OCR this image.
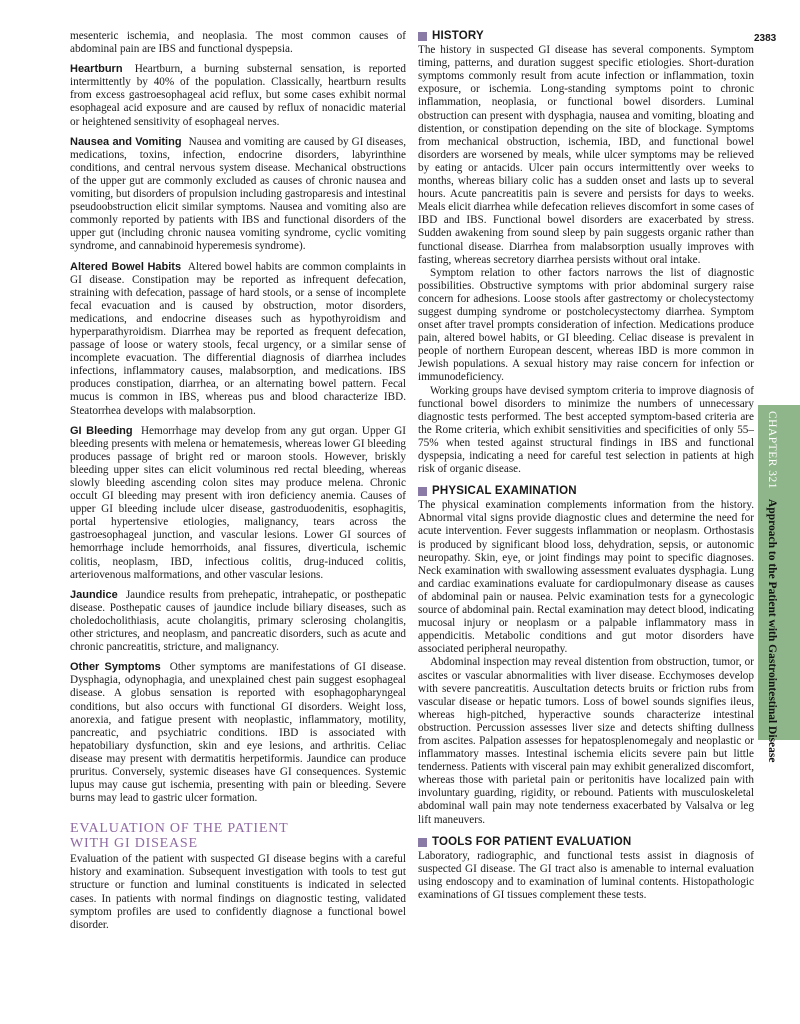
2383
CHAPTER 321
Approach to the Patient with Gastrointestinal Disease

mesenteric ischemia, and neoplasia. The most common causes of abdominal pain are IBS and functional dyspepsia.

Heartburn Heartburn, a burning substernal sensation, is reported intermittently by 40% of the population. Classically, heartburn results from excess gastroesophageal acid reflux, but some cases exhibit normal esophageal acid exposure and are caused by reflux of nonacidic material or heightened sensitivity of esophageal nerves.

Nausea and Vomiting Nausea and vomiting are caused by GI diseases, medications, toxins, infection, endocrine disorders, labyrinthine conditions, and central nervous system disease. Mechanical obstructions of the upper gut are commonly excluded as causes of chronic nausea and vomiting, but disorders of propulsion including gastroparesis and intestinal pseudoobstruction elicit similar symptoms. Nausea and vomiting also are commonly reported by patients with IBS and functional disorders of the upper gut (including chronic nausea vomiting syndrome, cyclic vomiting syndrome, and cannabinoid hyperemesis syndrome).

Altered Bowel Habits Altered bowel habits are common complaints in GI disease. Constipation may be reported as infrequent defecation, straining with defecation, passage of hard stools, or a sense of incomplete fecal evacuation and is caused by obstruction, motor disorders, medications, and endocrine diseases such as hypothyroidism and hyperparathyroidism. Diarrhea may be reported as frequent defecation, passage of loose or watery stools, fecal urgency, or a similar sense of incomplete evacuation. The differential diagnosis of diarrhea includes infections, inflammatory causes, malabsorption, and medications. IBS produces constipation, diarrhea, or an alternating bowel pattern. Fecal mucus is common in IBS, whereas pus and blood characterize IBD. Steatorrhea develops with malabsorption.

GI Bleeding Hemorrhage may develop from any gut organ. Upper GI bleeding presents with melena or hematemesis, whereas lower GI bleeding produces passage of bright red or maroon stools. However, briskly bleeding upper sites can elicit voluminous red rectal bleeding, whereas slowly bleeding ascending colon sites may produce melena. Chronic occult GI bleeding may present with iron deficiency anemia. Causes of upper GI bleeding include ulcer disease, gastroduodenitis, esophagitis, portal hypertensive etiologies, malignancy, tears across the gastroesophageal junction, and vascular lesions. Lower GI sources of hemorrhage include hemorrhoids, anal fissures, diverticula, ischemic colitis, neoplasm, IBD, infectious colitis, drug-induced colitis, arteriovenous malformations, and other vascular lesions.

Jaundice Jaundice results from prehepatic, intrahepatic, or posthepatic disease. Posthepatic causes of jaundice include biliary diseases, such as choledocholithiasis, acute cholangitis, primary sclerosing cholangitis, other strictures, and neoplasm, and pancreatic disorders, such as acute and chronic pancreatitis, stricture, and malignancy.

Other Symptoms Other symptoms are manifestations of GI disease. Dysphagia, odynophagia, and unexplained chest pain suggest esophageal disease. A globus sensation is reported with esophagopharyngeal conditions, but also occurs with functional GI disorders. Weight loss, anorexia, and fatigue present with neoplastic, inflammatory, motility, pancreatic, and psychiatric conditions. IBD is associated with hepatobiliary dysfunction, skin and eye lesions, and arthritis. Celiac disease may present with dermatitis herpetiformis. Jaundice can produce pruritus. Conversely, systemic diseases have GI consequences. Systemic lupus may cause gut ischemia, presenting with pain or bleeding. Severe burns may lead to gastric ulcer formation.

EVALUATION OF THE PATIENT
WITH GI DISEASE

Evaluation of the patient with suspected GI disease begins with a careful history and examination. Subsequent investigation with tools to test gut structure or function and luminal constituents is indicated in selected cases. In patients with normal findings on diagnostic testing, validated symptom profiles are used to confidently diagnose a functional bowel disorder.

HISTORY

The history in suspected GI disease has several components. Symptom timing, patterns, and duration suggest specific etiologies. Short-duration symptoms commonly result from acute infection or inflammation, toxin exposure, or ischemia. Long-standing symptoms point to chronic inflammation, neoplasia, or functional bowel disorders. Luminal obstruction can present with dysphagia, nausea and vomiting, bloating and distention, or constipation depending on the site of blockage. Symptoms from mechanical obstruction, ischemia, IBD, and functional bowel disorders are worsened by meals, while ulcer symptoms may be relieved by eating or antacids. Ulcer pain occurs intermittently over weeks to months, whereas biliary colic has a sudden onset and lasts up to several hours. Acute pancreatitis pain is severe and persists for days to weeks. Meals elicit diarrhea while defecation relieves discomfort in some cases of IBD and IBS. Functional bowel disorders are exacerbated by stress. Sudden awakening from sound sleep by pain suggests organic rather than functional disease. Diarrhea from malabsorption usually improves with fasting, whereas secretory diarrhea persists without oral intake.

Symptom relation to other factors narrows the list of diagnostic possibilities. Obstructive symptoms with prior abdominal surgery raise concern for adhesions. Loose stools after gastrectomy or cholecystectomy suggest dumping syndrome or postcholecystectomy diarrhea. Symptom onset after travel prompts consideration of infection. Medications produce pain, altered bowel habits, or GI bleeding. Celiac disease is prevalent in people of northern European descent, whereas IBD is more common in Jewish populations. A sexual history may raise concern for infection or immunodeficiency.

Working groups have devised symptom criteria to improve diagnosis of functional bowel disorders to minimize the numbers of unnecessary diagnostic tests performed. The best accepted symptom-based criteria are the Rome criteria, which exhibit sensitivities and specificities of only 55–75% when tested against structural findings in IBS and functional dyspepsia, indicating a need for careful test selection in patients at high risk of organic disease.

PHYSICAL EXAMINATION

The physical examination complements information from the history. Abnormal vital signs provide diagnostic clues and determine the need for acute intervention. Fever suggests inflammation or neoplasm. Orthostasis is produced by significant blood loss, dehydration, sepsis, or autonomic neuropathy. Skin, eye, or joint findings may point to specific diagnoses. Neck examination with swallowing assessment evaluates dysphagia. Lung and cardiac examinations evaluate for cardiopulmonary disease as causes of abdominal pain or nausea. Pelvic examination tests for a gynecologic source of abdominal pain. Rectal examination may detect blood, indicating mucosal injury or neoplasm or a palpable inflammatory mass in appendicitis. Metabolic conditions and gut motor disorders have associated peripheral neuropathy.

Abdominal inspection may reveal distention from obstruction, tumor, or ascites or vascular abnormalities with liver disease. Ecchymoses develop with severe pancreatitis. Auscultation detects bruits or friction rubs from vascular disease or hepatic tumors. Loss of bowel sounds signifies ileus, whereas high-pitched, hyperactive sounds characterize intestinal obstruction. Percussion assesses liver size and detects shifting dullness from ascites. Palpation assesses for hepatosplenomegaly and neoplastic or inflammatory masses. Intestinal ischemia elicits severe pain but little tenderness. Patients with visceral pain may exhibit generalized discomfort, whereas those with parietal pain or peritonitis have localized pain with involuntary guarding, rigidity, or rebound. Patients with musculoskeletal abdominal wall pain may note tenderness exacerbated by Valsalva or leg lift maneuvers.

TOOLS FOR PATIENT EVALUATION

Laboratory, radiographic, and functional tests assist in diagnosis of suspected GI disease. The GI tract also is amenable to internal evaluation using endoscopy and to examination of luminal contents. Histopathologic examinations of GI tissues complement these tests.
